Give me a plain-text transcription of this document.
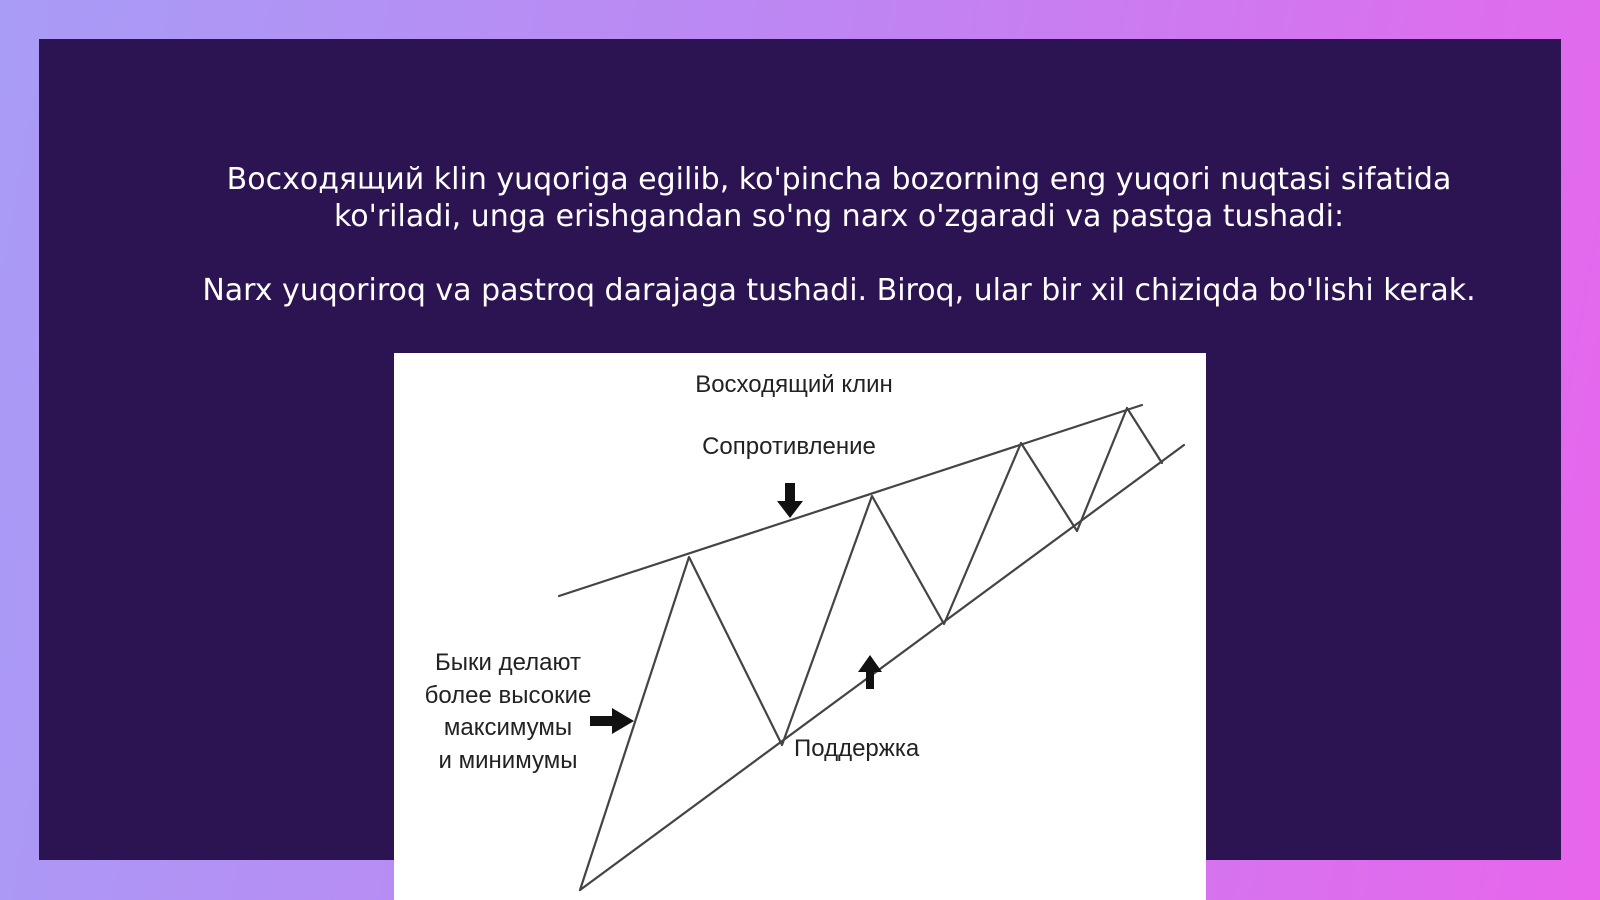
Восходящий klin yuqoriga egilib, ko'pincha bozorning eng yuqori nuqtasi sifatida
ko'riladi, unga erishgandan so'ng narx o'zgaradi va pastga tushadi:

Narx yuqoriroq va pastroq darajaga tushadi. Biroq, ular bir xil chiziqda bo'lishi kerak.

Восходящий клин
Сопротивление
Поддержка
Быки делают
более высокие
максимумы
и минимумы
